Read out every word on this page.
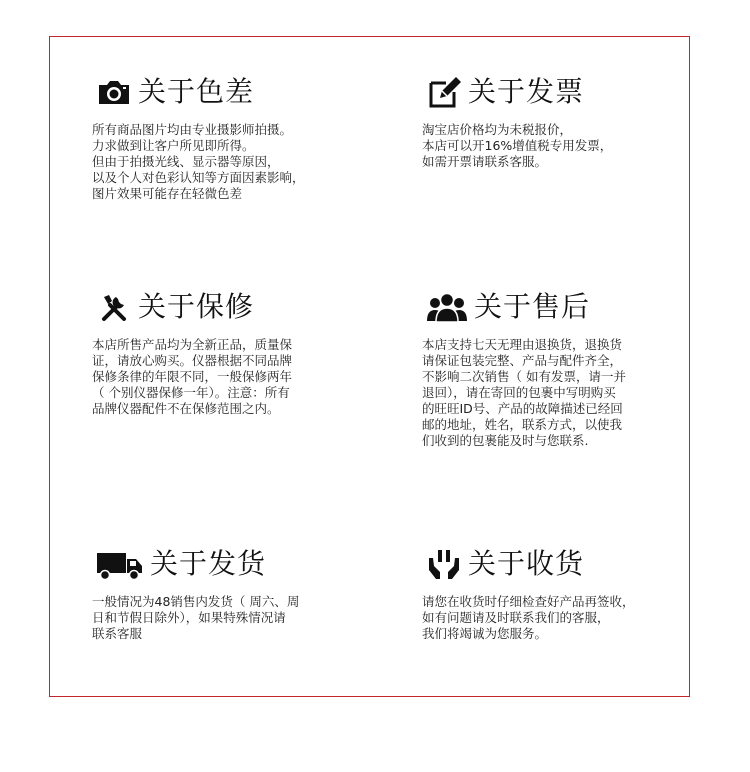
关于色差
所有商品图片均由专业摄影师拍摄。
力求做到让客户所见即所得。
但由于拍摄光线、显示器等原因，
以及个人对色彩认知等方面因素影响，
图片效果可能存在轻微色差
关于发票
淘宝店价格均为未税报价，
本店可以开16%增值税专用发票，
如需开票请联系客服。
关于保修
本店所售产品均为全新正品，质量保
证，请放心购买。仪器根据不同品牌
保修条律的年限不同，一般保修两年
（ 个别仪器保修一年）。注意：所有
品牌仪器配件不在保修范围之内。
关于售后
本店支持七天无理由退换货，退换货
请保证包装完整、产品与配件齐全，
不影响二次销售（ 如有发票，请一并
退回），请在寄回的包裹中写明购买
的旺旺ID号、产品的故障描述已经回
邮的地址，姓名，联系方式，以使我
们收到的包裹能及时与您联系.
关于发货
一般情况为48销售内发货（ 周六、周
日和节假日除外），如果特殊情况请
联系客服
关于收货
请您在收货时仔细检查好产品再签收，
如有问题请及时联系我们的客服，
我们将竭诚为您服务。
